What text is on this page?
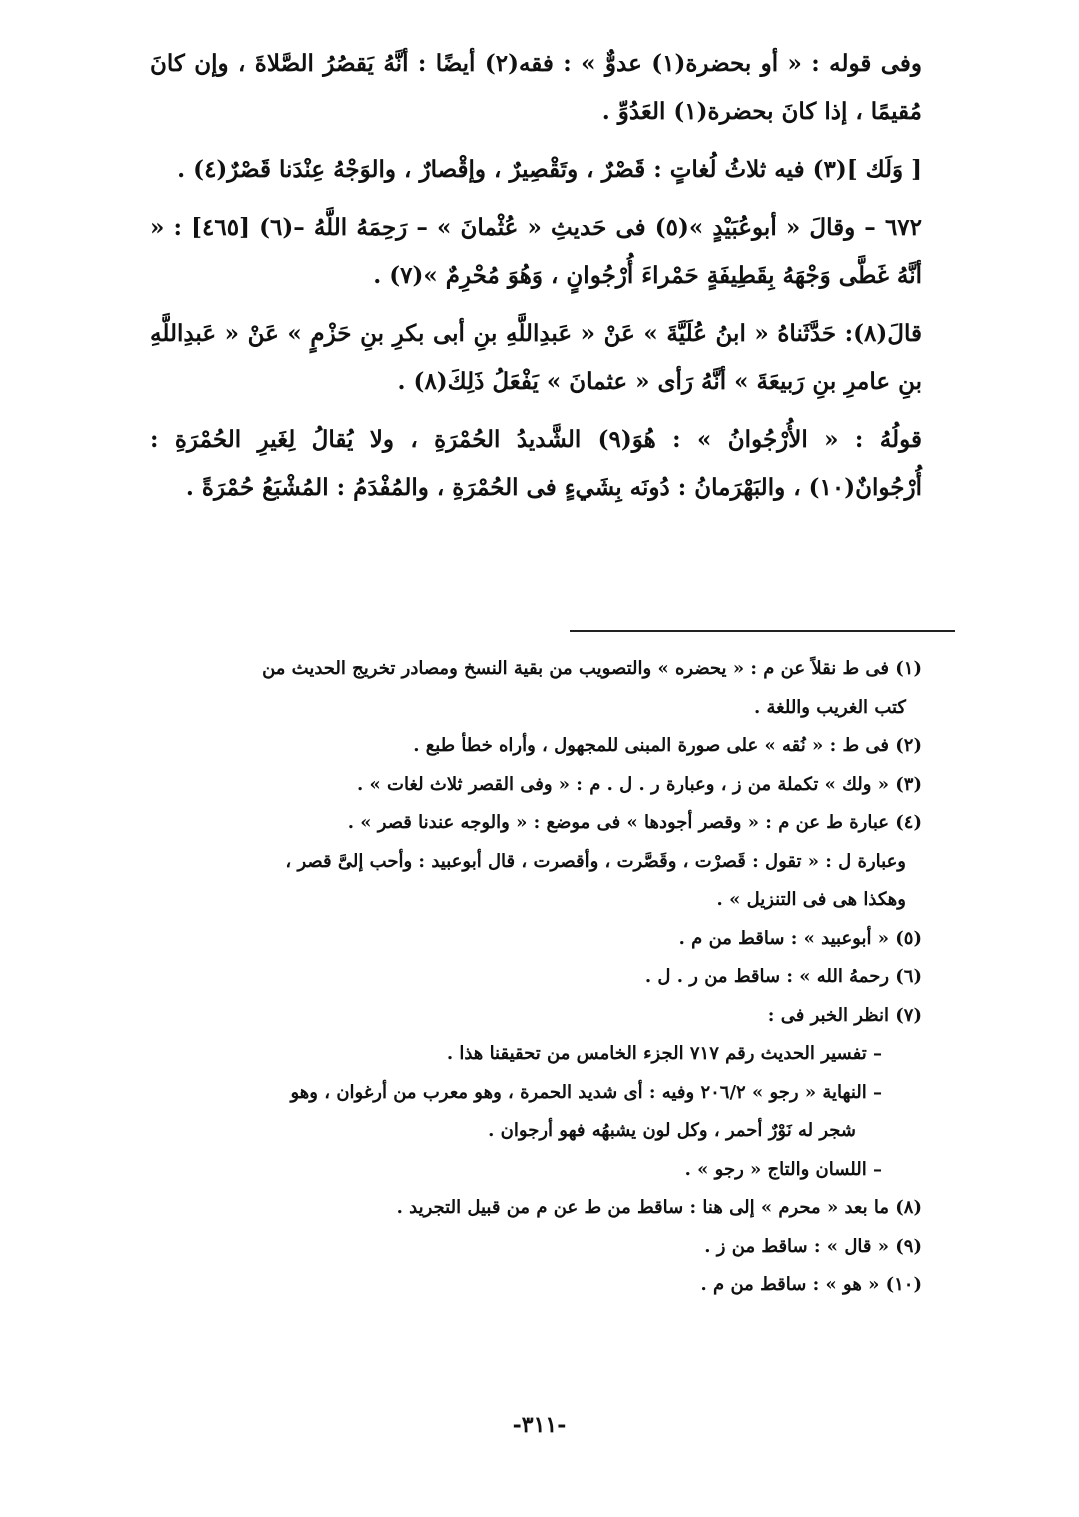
وفى قوله : « أو بحضرة(١) عدوٌّ » : فقه(٢) أيضًا : أنَّهُ يَقصُرُ الصَّلاةَ ، وإن كانَ مُقيمًا ، إذا كانَ بحضرة(١) العَدُوِّ .

[ وَلَك ](٣) فيه ثلاثُ لُغاتٍ : قَصْرٌ ، وتَقْصِيرٌ ، وإقْصارٌ ، والوَجْهُ عِنْدَنا قَصْرٌ(٤) .

٦٧٢ – وقالَ « أبوعُبَيْدٍ »(٥) فى حَديثِ « عُثْمانَ » – رَحِمَهُ اللَّهُ –(٦) [٤٦٥] : « أنَّهُ غَطَّى وَجْهَهُ بِقَطِيفَةٍ حَمْراءَ أُرْجُوانٍ ، وَهُوَ مُحْرِمٌ »(٧) .

قالَ(٨): حَدَّثَناهُ « ابنُ عُلَيَّةَ » عَنْ « عَبدِاللَّهِ بنِ أبى بكرِ بنِ حَزْمٍ » عَنْ « عَبدِاللَّهِ بنِ عامرِ بنِ رَبيعَةَ » أنَّهُ رَأى « عثمانَ » يَفْعَلُ ذَلِكَ(٨) .

قولُهُ : « الأُرْجُوانُ » : هُوَ(٩) الشَّديدُ الحُمْرَةِ ، ولا يُقالُ لِغَيرِ الحُمْرَةِ : أُرْجُوانٌ(١٠) ، والبَهْرَمانُ : دُونَه بِشَيءٍ فى الحُمْرَةِ ، والمُفْدَمُ : المُشْبَعُ حُمْرَةً .

(١) فى ط نقلاً عن م : « يحضره » والتصويب من بقية النسخ ومصادر تخريج الحديث من

كتب الغريب واللغة .

(٢) فى ط : « نُقه » على صورة المبنى للمجهول ، وأراه خطأ طبع .

(٣) « ولك » تكملة من ز ، وعبارة ر . ل . م : « وفى القصر ثلاث لغات » .

(٤) عبارة ط عن م : « وقصر أجودها » فى موضع : « والوجه عندنا قصر » .

وعبارة ل : « تقول : قَصرْت ، وقَصَّرت ، وأقصرت ، قال أبوعبيد : وأحب إلىَّ قصر ،

وهكذا هى فى التنزيل » .

(٥) « أبوعبيد » : ساقط من م .

(٦) رحمهُ الله » : ساقط من ر . ل .

(٧) انظر الخبر فى :

– تفسير الحديث رقم ٧١٧ الجزء الخامس من تحقيقنا هذا .

– النهاية « رجو » ٢٠٦/٢ وفيه : أى شديد الحمرة ، وهو معرب من أرغوان ، وهو

شجر له نَوْرٌ أحمر ، وكل لون يشبهُه فهو أرجوان .

– اللسان والتاج « رجو » .

(٨) ما بعد « محرم » إلى هنا : ساقط من ط عن م من قبيل التجريد .

(٩) « قال » : ساقط من ز .

(١٠) « هو » : ساقط من م .

-٣١١-
